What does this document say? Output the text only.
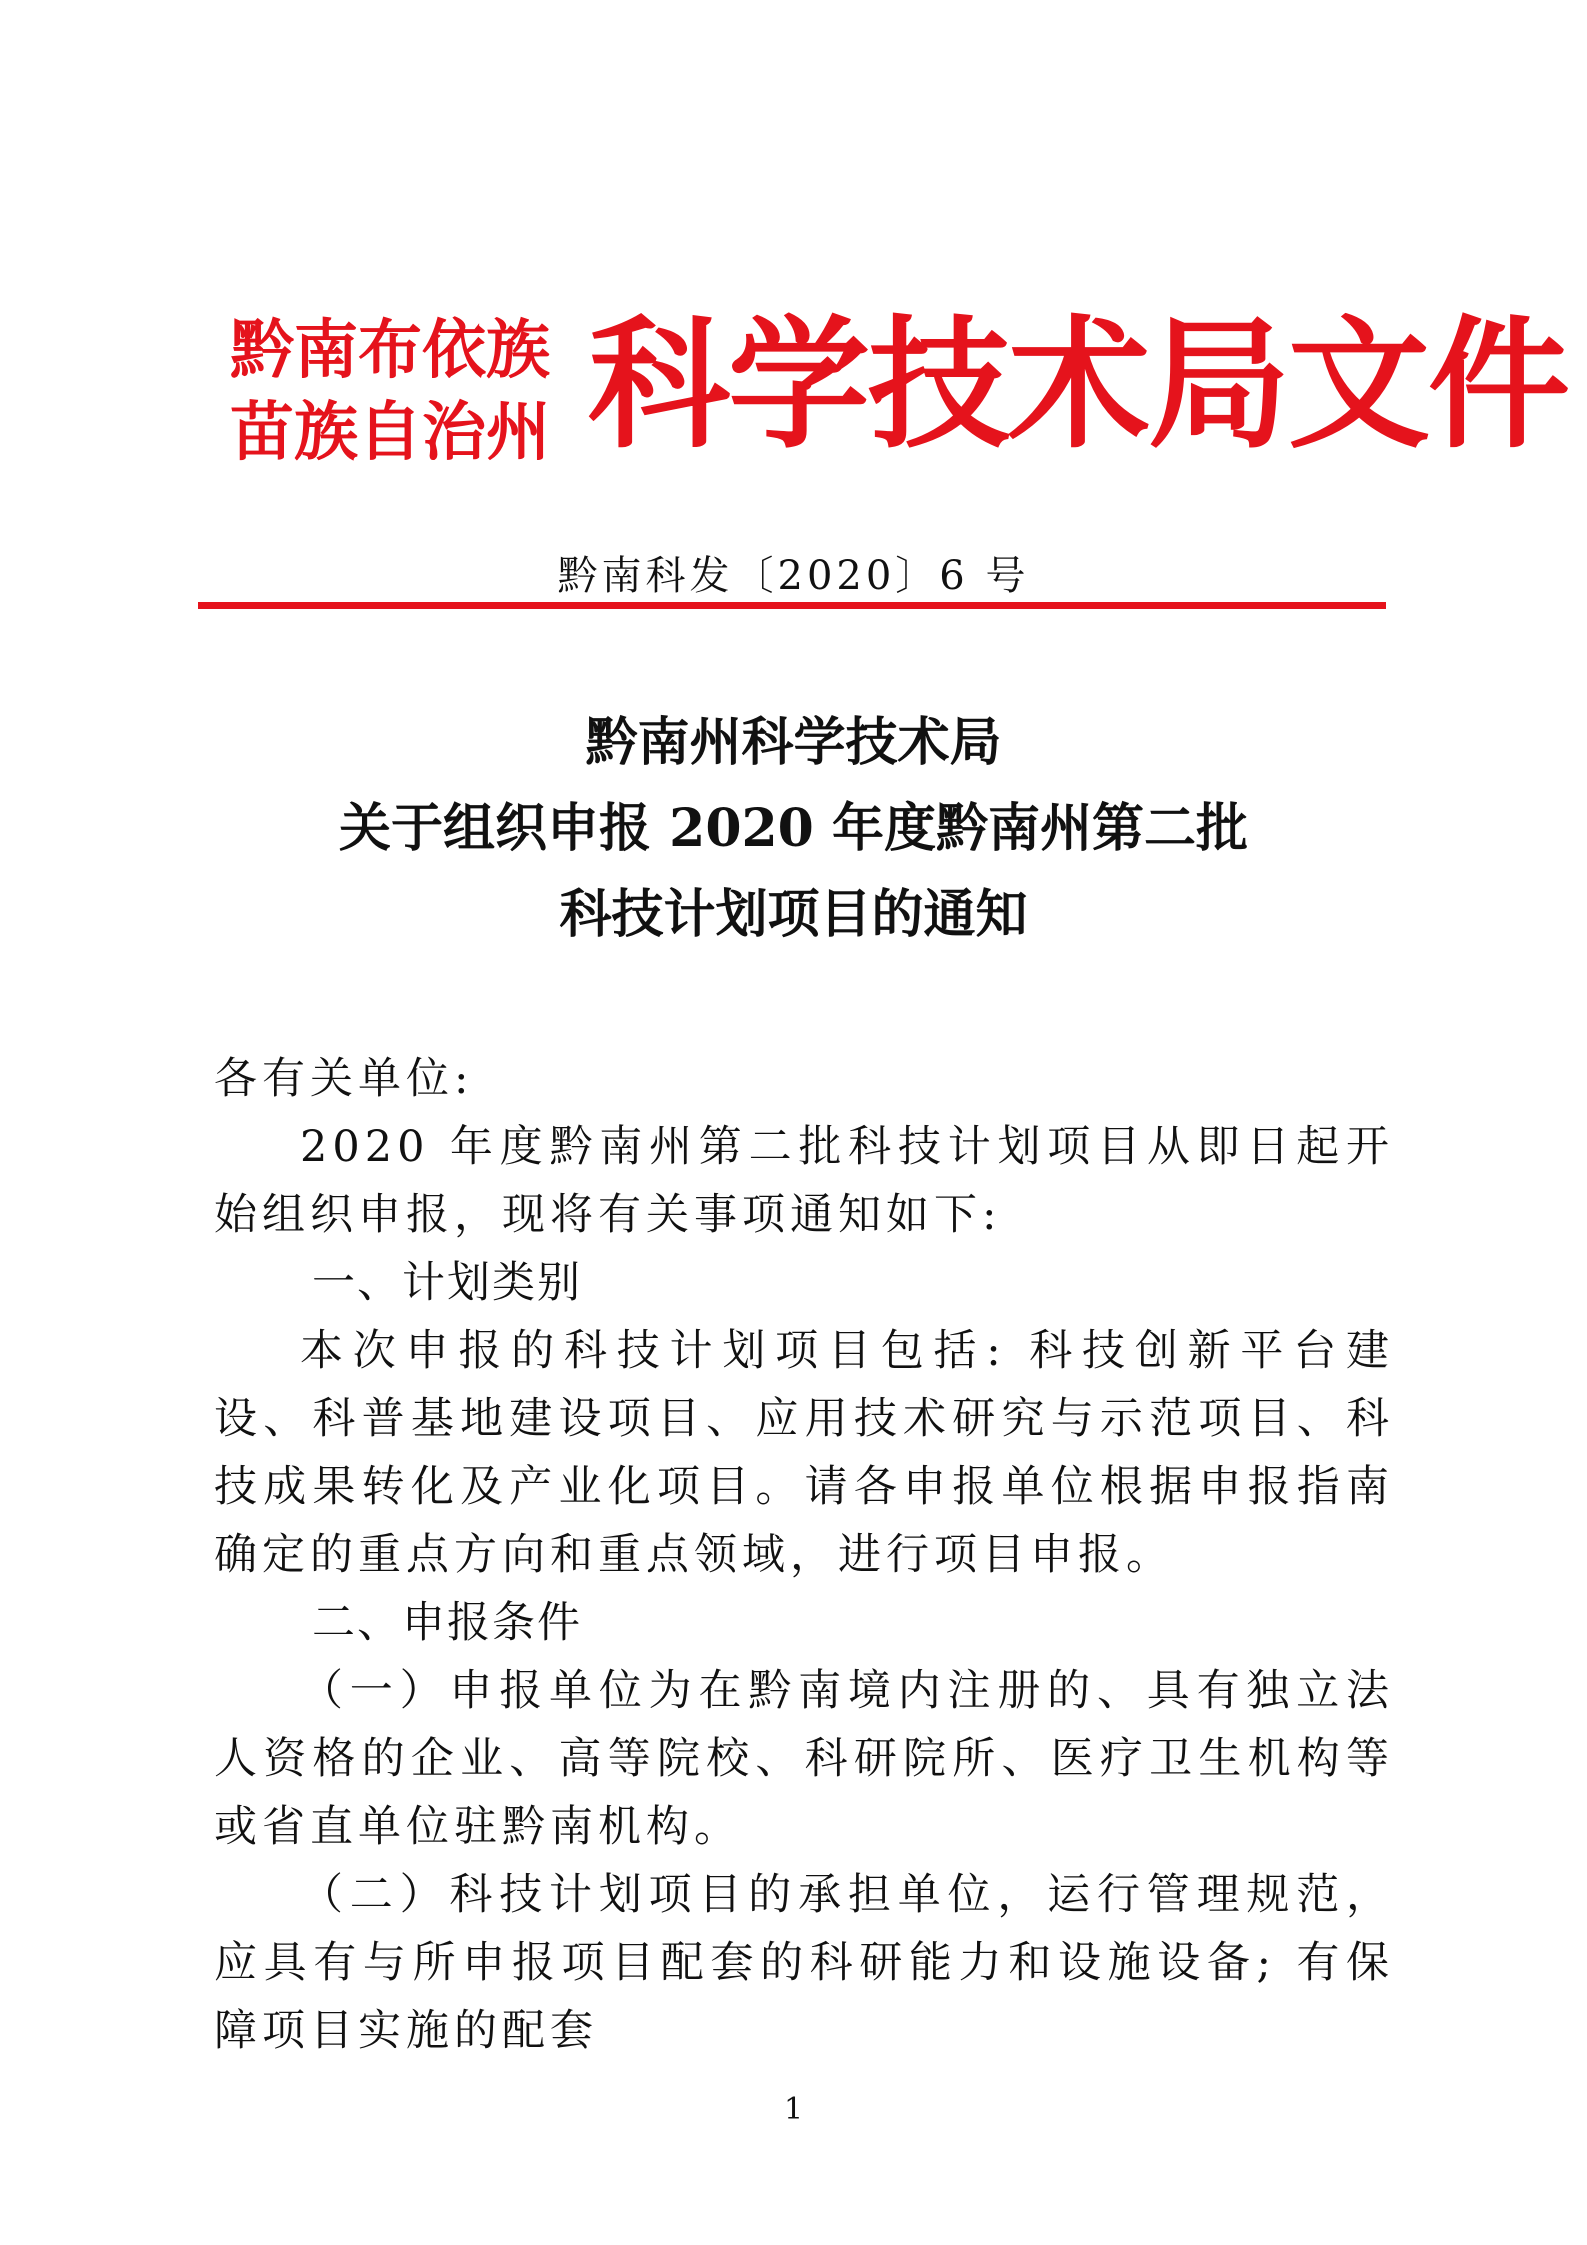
黔南布依族
苗族自治州 科学技术局文件
黔南科发〔2020〕6 号
黔南州科学技术局
关于组织申报 2020 年度黔南州第二批
科技计划项目的通知

各有关单位:

2020 年度黔南州第二批科技计划项目从即日起开始组织申报，现将有关事项通知如下:

一、计划类别

本次申报的科技计划项目包括: 科技创新平台建设、科普基地建设项目、应用技术研究与示范项目、科技成果转化及产业化项目。请各申报单位根据申报指南确定的重点方向和重点领域，进行项目申报。

二、申报条件

（一）申报单位为在黔南境内注册的、具有独立法人资格的企业、高等院校、科研院所、医疗卫生机构等或省直单位驻黔南机构。

（二）科技计划项目的承担单位，运行管理规范，应具有与所申报项目配套的科研能力和设施设备; 有保障项目实施的配套

1
